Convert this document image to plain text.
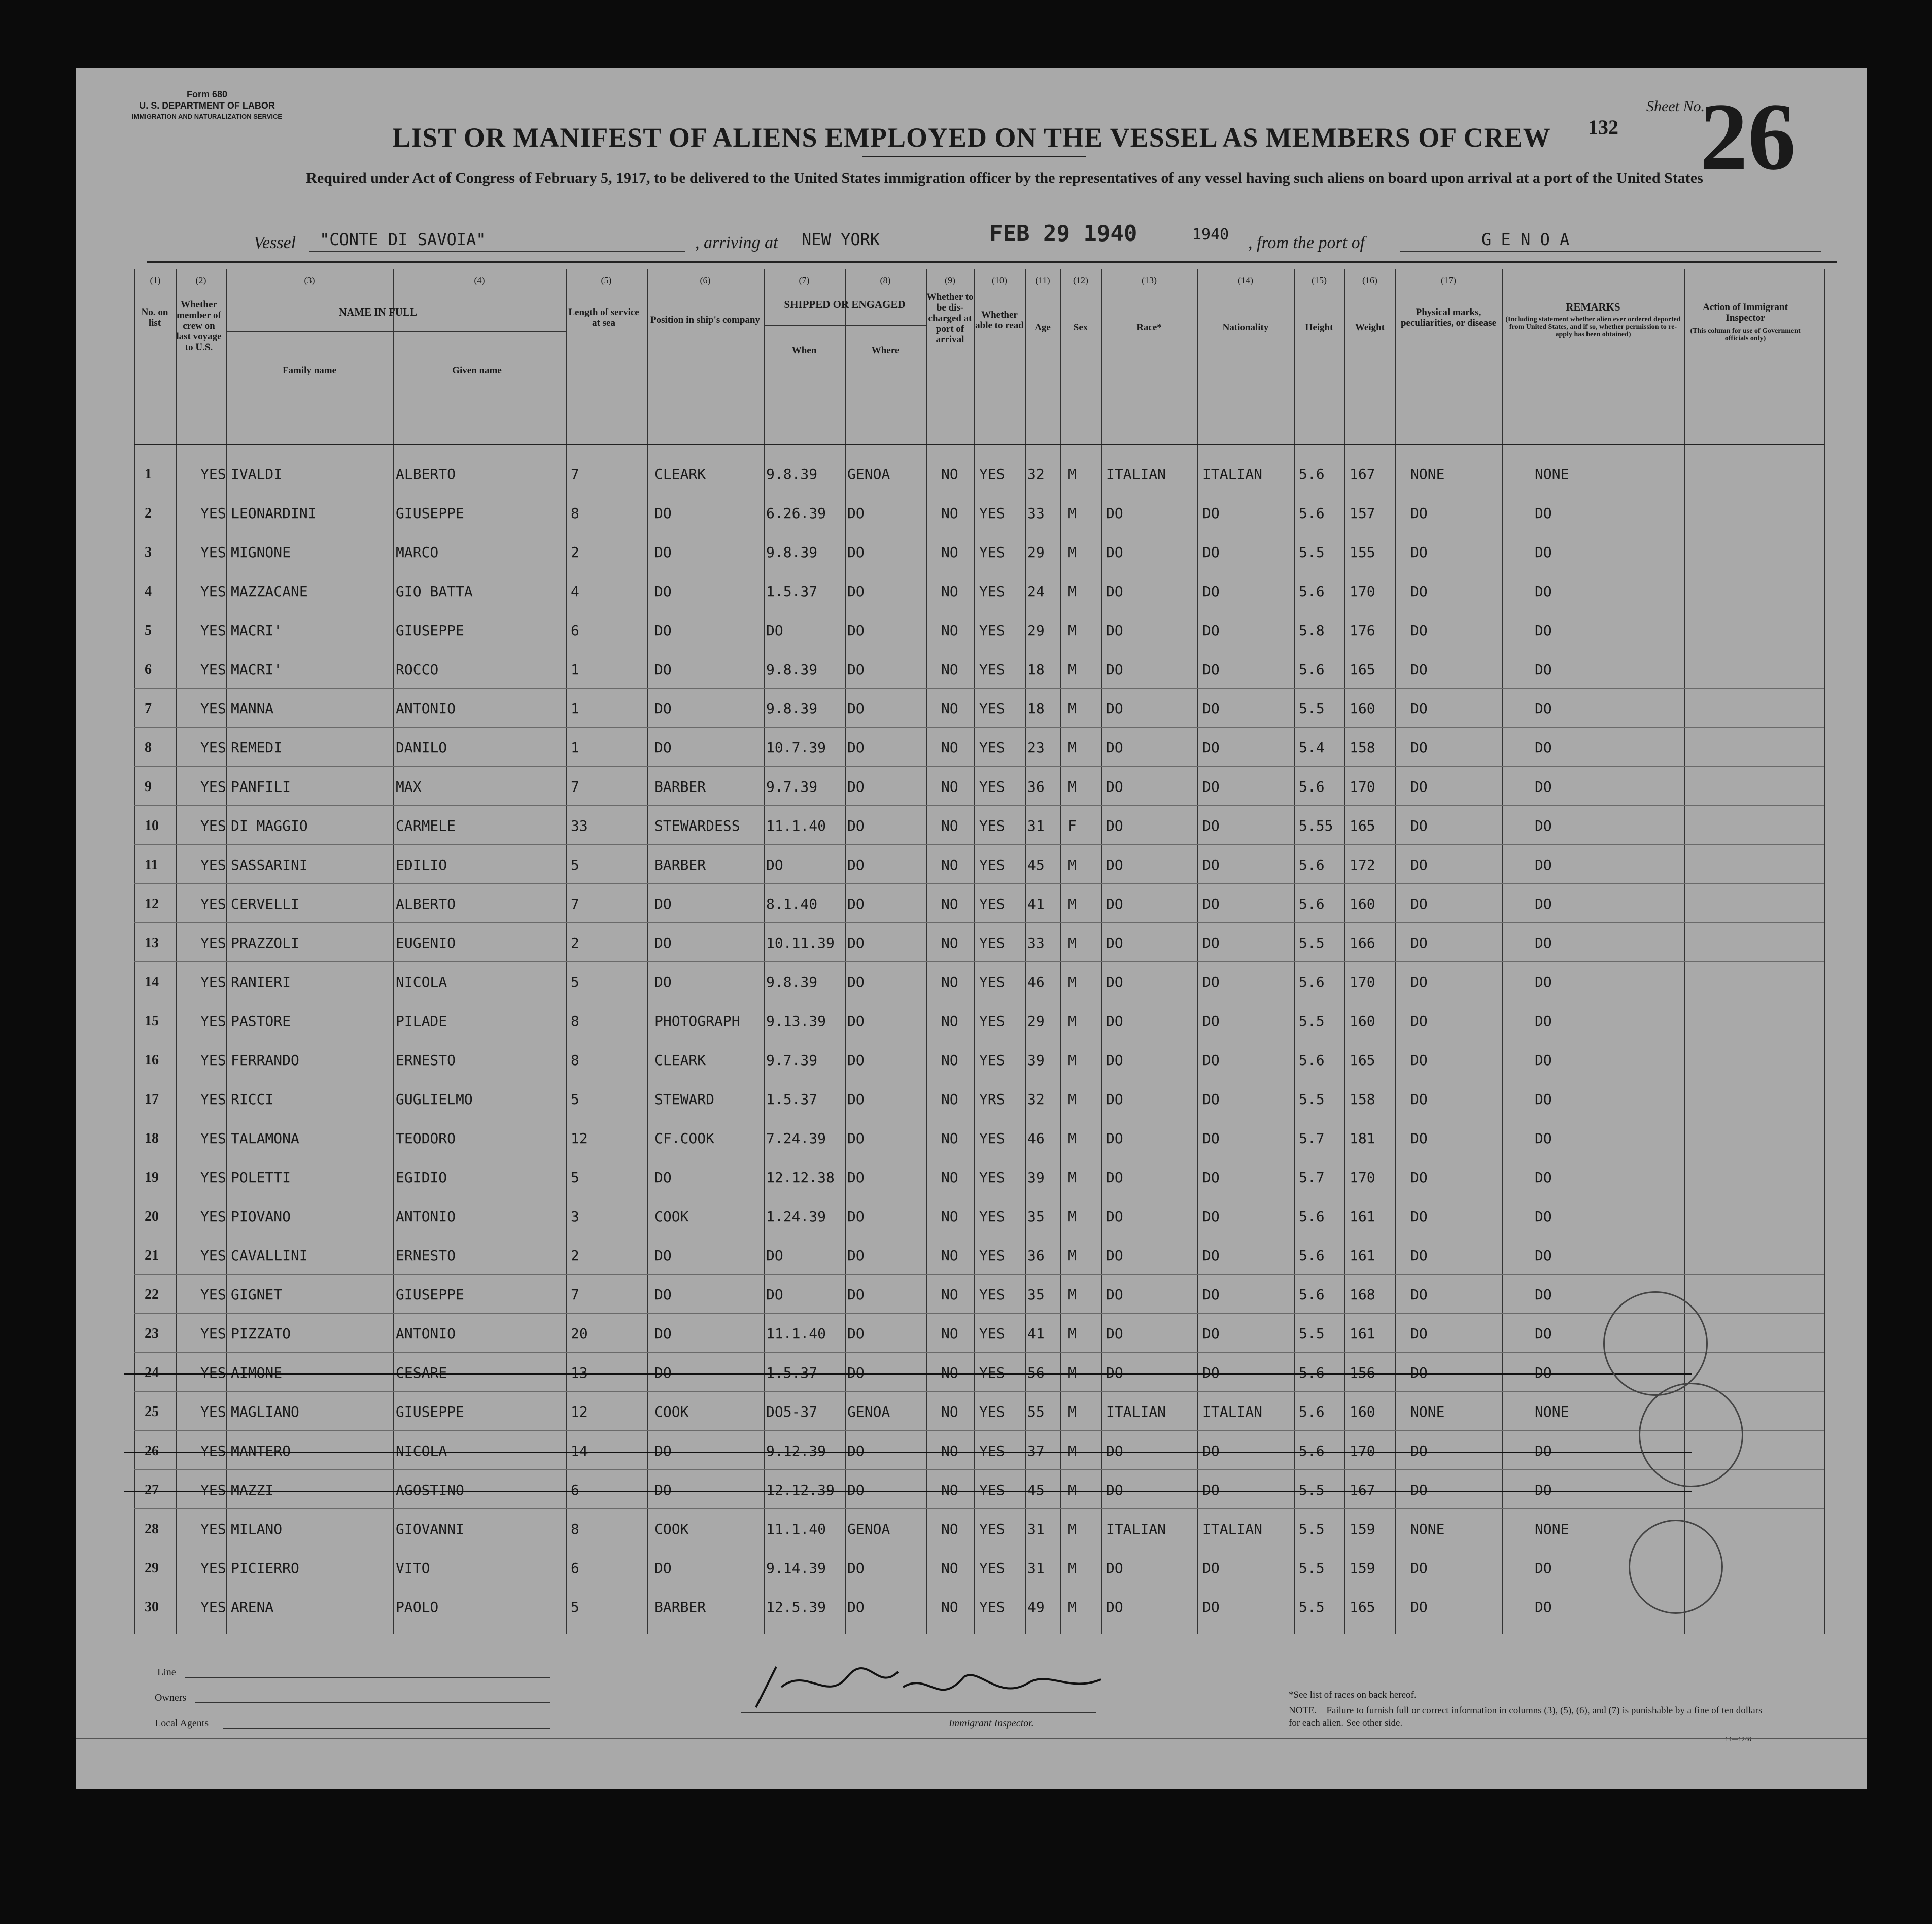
Form 680
U. S. DEPARTMENT OF LABOR
IMMIGRATION AND NATURALIZATION SERVICE
LIST OR MANIFEST OF ALIENS EMPLOYED ON THE VESSEL AS MEMBERS OF CREW	132
Sheet No.
26
Required under Act of Congress of February 5, 1917, to be delivered to the United States immigration officer by the representatives of any vessel having such aliens on board upon arrival at a port of the United States
Vessel "CONTE DI SAVOIA"	, arriving at NEW YORK	FEB 29 1940	1940 , from the port of	G E N O A
(1)	(2)	(3)	(4)	(5)	(6)	(7)	(8)	(9)	(10)	(11)	(12)	(13)	(14)	(15)	(16)	(17)
No. on list
Whether member of crew on last voyage to U.S.
NAME IN FULL
Family name	Given name
Length of service at sea	Position in ship's company
SHIPPED OR ENGAGED
When	Where
Whether to be dis-charged at port of arrival
Whether able to read	Age	Sex	Race*	Nationality	Height	Weight
Physical marks, peculiarities, or disease
REMARKS
(Including statement whether alien ever ordered deported from United States, and if so, whether permission to re-apply has been obtained)
Action of Immigrant Inspector
(This column for use of Government officials only)
1	YES IVALDI	ALBERTO	7	CLEARK	9.8.39 GENOA	NO YES 32 M ITALIAN	ITALIAN	5.6 167 NONE	NONE
2	YES LEONARDINI	GIUSEPPE	8	DO	6.26.39 DO	NO YES 33 M DO	DO	5.6 157 DO	DO
3	YES MIGNONE	MARCO	2	DO	9.8.39 DO	NO YES 29 M DO	DO	5.5 155 DO	DO
4	YES MAZZACANE	GIO BATTA	4	DO	1.5.37 DO	NO YES 24 M DO	DO	5.6 170 DO	DO
5	YES MACRI'	GIUSEPPE	6	DO	DO	DO	NO YES 29 M DO	DO	5.8 176 DO	DO
6	YES MACRI'	ROCCO	1	DO	9.8.39 DO	NO YES 18 M DO	DO	5.6 165 DO	DO
7	YES MANNA	ANTONIO	1	DO	9.8.39 DO	NO YES 18 M DO	DO	5.5 160 DO	DO
8	YES REMEDI	DANILO	1	DO	10.7.39 DO	NO YES 23 M DO	DO	5.4 158 DO	DO
9	YES PANFILI	MAX	7	BARBER	9.7.39 DO	NO YES 36 M DO	DO	5.6 170 DO	DO
10	YES DI MAGGIO	CARMELE	33	STEWARDESS 11.1.40 DO	NO YES 31 F DO	DO	5.55 165 DO	DO
11	YES SASSARINI	EDILIO	5	BARBER	DO	DO	NO YES 45 M DO	DO	5.6 172 DO	DO
12	YES CERVELLI	ALBERTO	7	DO	8.1.40 DO	NO YES 41 M DO	DO	5.6 160 DO	DO
13	YES PRAZZOLI	EUGENIO	2	DO	10.11.39 DO	NO YES 33 M DO	DO	5.5 166 DO	DO
14	YES RANIERI	NICOLA	5	DO	9.8.39 DO	NO YES 46 M DO	DO	5.6 170 DO	DO
15	YES PASTORE	PILADE	8	PHOTOGRAPH 9.13.39 DO	NO YES 29 M DO	DO	5.5 160 DO	DO
16	YES FERRANDO	ERNESTO	8	CLEARK	9.7.39 DO	NO YES 39 M DO	DO	5.6 165 DO	DO
17	YES RICCI	GUGLIELMO	5	STEWARD	1.5.37 DO	NO YRS 32 M DO	DO	5.5 158 DO	DO
18	YES TALAMONA	TEODORO	12	CF.COOK	7.24.39 DO	NO YES 46 M DO	DO	5.7 181 DO	DO
19	YES POLETTI	EGIDIO	5	DO	12.12.38 DO	NO YES 39 M DO	DO	5.7 170 DO	DO
20	YES PIOVANO	ANTONIO	3	COOK	1.24.39 DO	NO YES 35 M DO	DO	5.6 161 DO	DO
21	YES CAVALLINI	ERNESTO	2	DO	DO	DO	NO YES 36 M DO	DO	5.6 161 DO	DO
22	YES GIGNET	GIUSEPPE	7	DO	DO	DO	NO YES 35 M DO	DO	5.6 168 DO	DO
23	YES PIZZATO	ANTONIO	20	DO	11.1.40 DO	NO YES 41 M DO	DO	5.5 161 DO	DO
24	YES AIMONE	CESARE	13	DO	1.5.37 DO	NO YES 56 M DO	DO	5.6 156 DO	DO
25	YES MAGLIANO	GIUSEPPE	12	COOK	DO5-37 GENOA	NO YES 55 M ITALIAN	ITALIAN	5.6 160 NONE	NONE
26	YES MANTERO	NICOLA	14	DO	9.12.39 DO	NO YES 37 M DO	DO	5.6 170 DO	DO
27	YES MAZZI	AGOSTINO	6	DO	12.12.39 DO	NO YES 45 M DO	DO	5.5 167 DO	DO
28	YES MILANO	GIOVANNI	8	COOK	11.1.40 GENOA	NO YES 31 M ITALIAN	ITALIAN	5.5 159 NONE	NONE
29	YES PICIERRO	VITO	6	DO	9.14.39 DO	NO YES 31 M DO	DO	5.5 159 DO	DO
30	YES ARENA	PAOLO	5	BARBER	12.5.39 DO	NO YES 49 M DO	DO	5.5 165 DO	DO
Line
Owners
Local Agents	Immigrant Inspector.
*See list of races on back hereof.
NOTE.—Failure to furnish full or correct information in columns (3), (5), (6), and (7) is punishable by a fine of ten dollars for each alien. See other side.
14—1240
